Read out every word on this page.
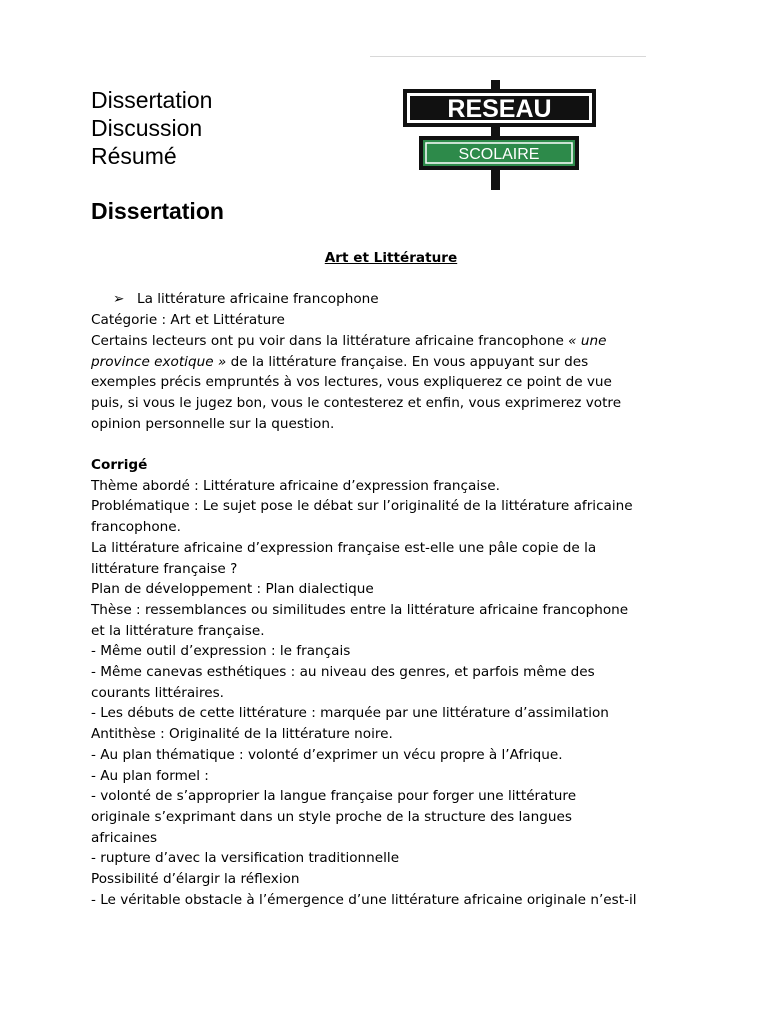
Dissertation
Discussion
Résumé
RESEAU
SCOLAIRE
Dissertation
Art et Littérature
➢ La littérature africaine francophone
Catégorie : Art et Littérature
Certains lecteurs ont pu voir dans la littérature africaine francophone « une
province exotique » de la littérature française. En vous appuyant sur des
exemples précis empruntés à vos lectures, vous expliquerez ce point de vue
puis, si vous le jugez bon, vous le contesterez et enfin, vous exprimerez votre
opinion personnelle sur la question.
Corrigé
Thème abordé : Littérature africaine d’expression française.
Problématique : Le sujet pose le débat sur l’originalité de la littérature africaine
francophone.
La littérature africaine d’expression française est-elle une pâle copie de la
littérature française ?
Plan de développement : Plan dialectique
Thèse : ressemblances ou similitudes entre la littérature africaine francophone
et la littérature française.
- Même outil d’expression : le français
- Même canevas esthétiques : au niveau des genres, et parfois même des
courants littéraires.
- Les débuts de cette littérature : marquée par une littérature d’assimilation
Antithèse : Originalité de la littérature noire.
- Au plan thématique : volonté d’exprimer un vécu propre à l’Afrique.
- Au plan formel :
- volonté de s’approprier la langue française pour forger une littérature
originale s’exprimant dans un style proche de la structure des langues
africaines
- rupture d’avec la versification traditionnelle
Possibilité d’élargir la réflexion
- Le véritable obstacle à l’émergence d’une littérature africaine originale n’est-il
